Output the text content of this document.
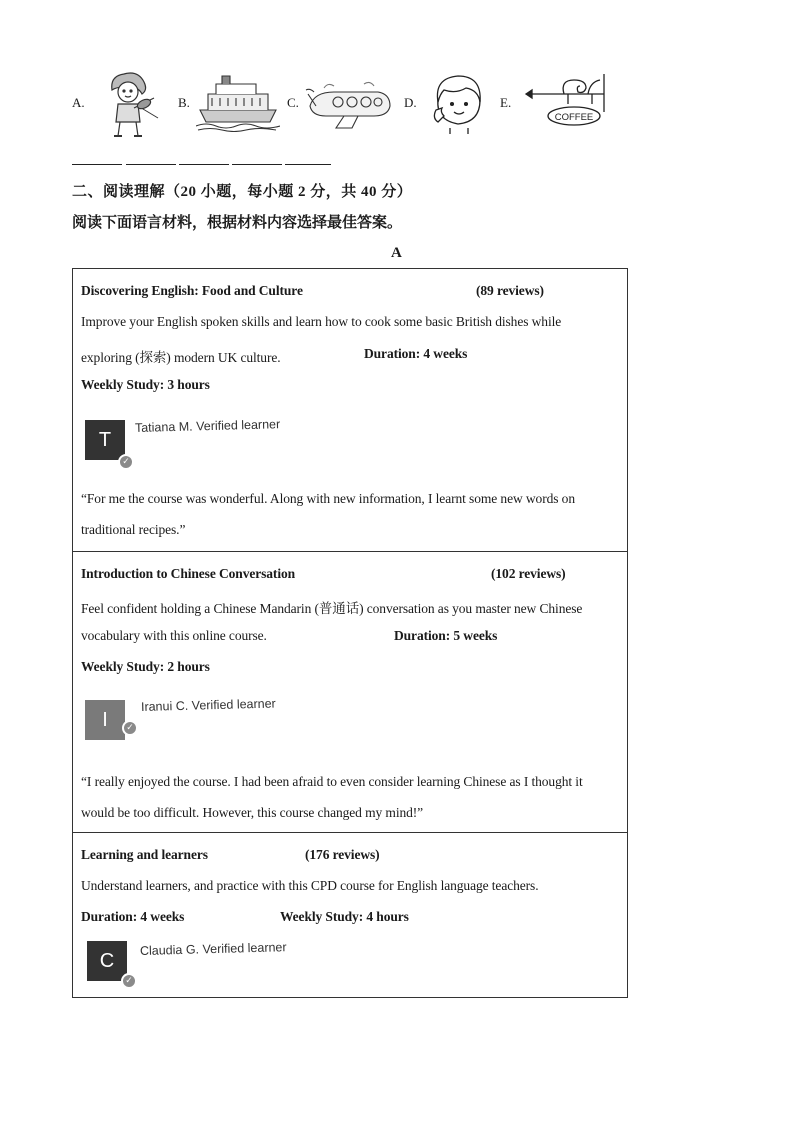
A.	B.	C.	D.	E.
COFFEE
二、阅读理解（20 小题，每小题 2 分，共 40 分）
阅读下面语言材料，根据材料内容选择最佳答案。
A
Discovering English: Food and Culture	(89 reviews)
Improve your English spoken skills and learn how to cook some basic British dishes while
exploring (探索) modern UK culture.	Duration: 4 weeks
Weekly Study: 3 hours
T
✓
Tatiana M. Verified learner
“For me the course was wonderful. Along with new information, I learnt some new words on
traditional recipes.”
Introduction to Chinese Conversation	(102 reviews)
Feel confident holding a Chinese Mandarin (普通话) conversation as you master new Chinese
vocabulary with this online course.	Duration: 5 weeks
Weekly Study: 2 hours
I	✓
Iranui C. Verified learner
“I really enjoyed the course. I had been afraid to even consider learning Chinese as I thought it
would be too difficult. However, this course changed my mind!”
Learning and learners	(176 reviews)
Understand learners, and practice with this CPD course for English language teachers.
Duration: 4 weeks	Weekly Study: 4 hours
C
✓
Claudia G. Verified learner
